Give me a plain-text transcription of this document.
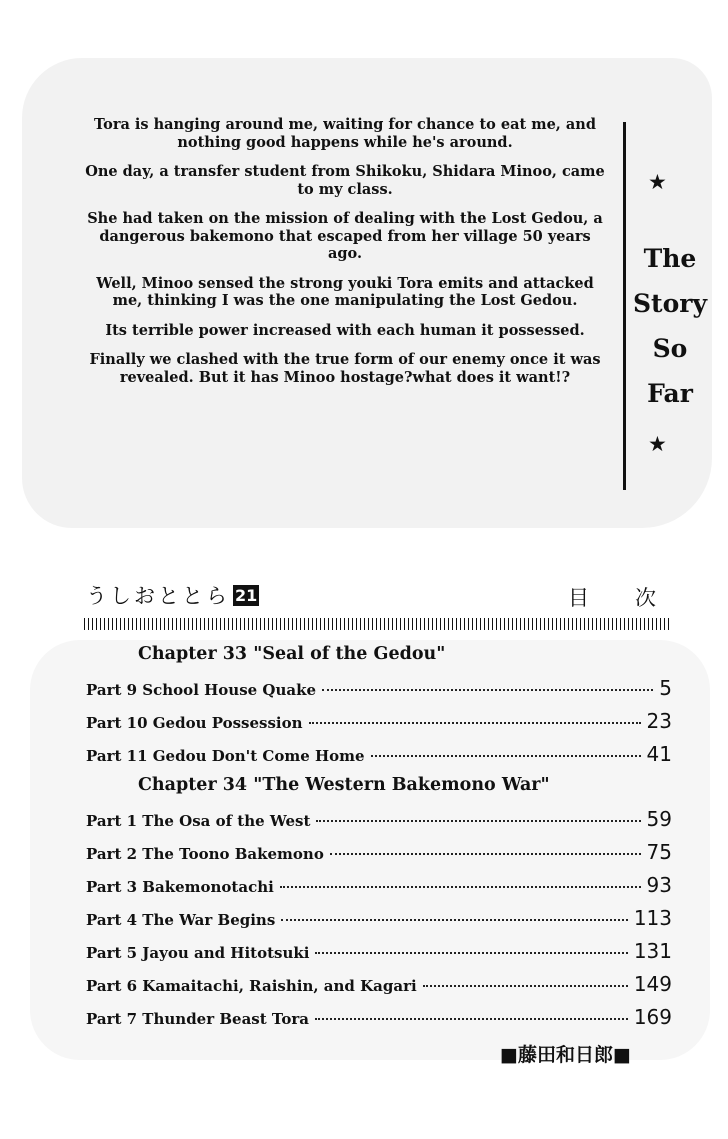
Tora is hanging around me, waiting for chance to eat me, and nothing good happens while he's around.

One day, a transfer student from Shikoku, Shidara Minoo, came to my class.

She had taken on the mission of dealing with the Lost Gedou, a dangerous bakemono that escaped from her village 50 years ago.

Well, Minoo sensed the strong youki Tora emits and attacked me, thinking I was the one manipulating the Lost Gedou.

Its terrible power increased with each human it possessed.

Finally we clashed with the true form of our enemy once it was revealed. But it has Minoo hostage?what does it want!?

★
★
The
Story
So
Far
うしおととら 21	目次
Chapter 33 "Seal of the Gedou"
Part 9 School House Quake	5
Part 10 Gedou Possession	23
Part 11 Gedou Don't Come Home	41
Chapter 34 "The Western Bakemono War"
Part 1 The Osa of the West	59
Part 2 The Toono Bakemono	75
Part 3 Bakemonotachi	93
Part 4 The War Begins	113
Part 5 Jayou and Hitotsuki	131
Part 6 Kamaitachi, Raishin, and Kagari	149
Part 7 Thunder Beast Tora	169
■藤田和日郎■
